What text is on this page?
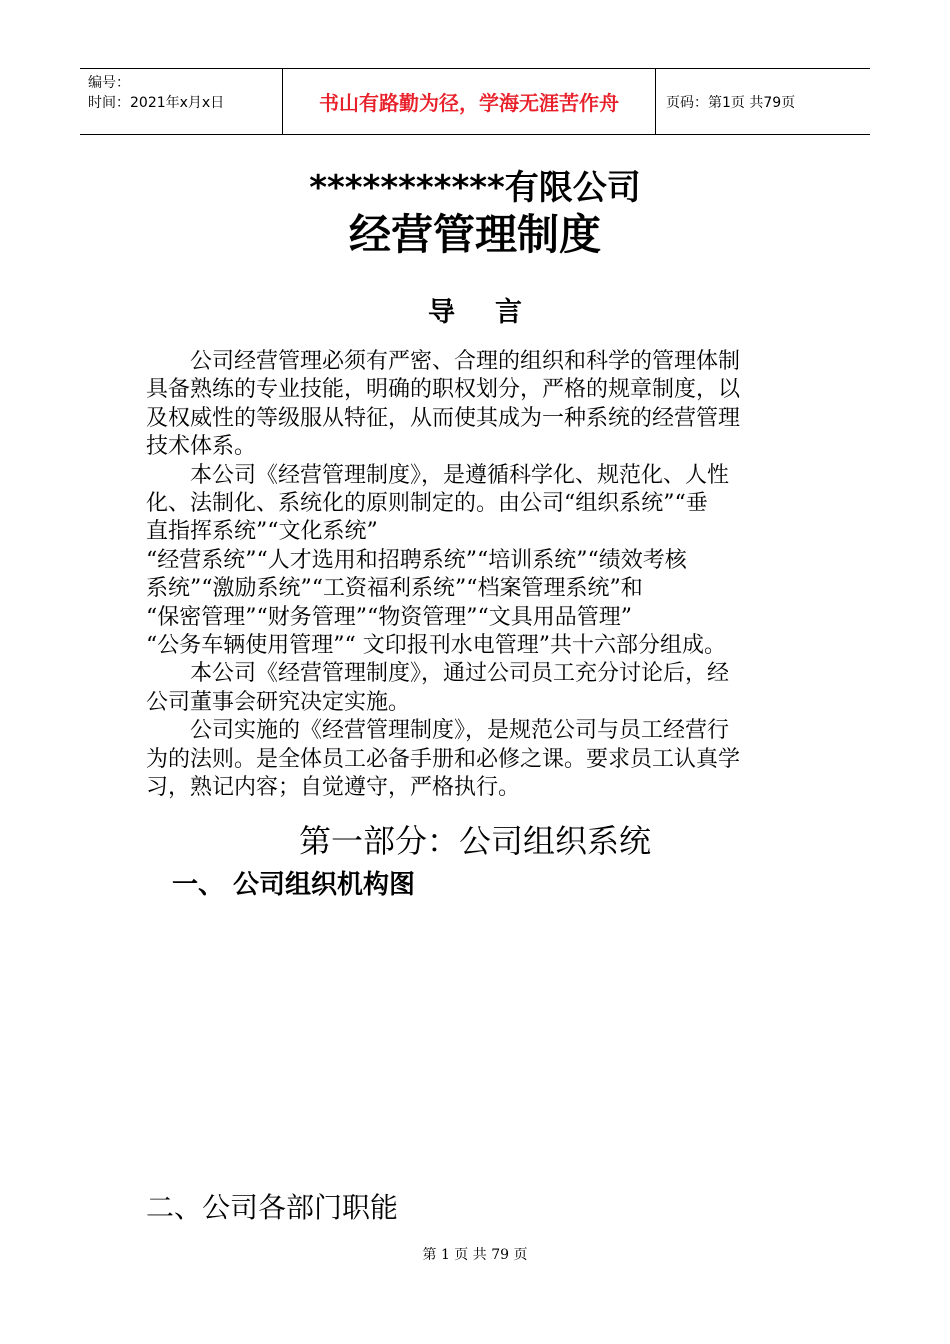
编号：
时间：2021年x月x日	书山有路勤为径，学海无涯苦作舟	页码：第1页 共79页
***********有限公司
经营管理制度
导言
公司经营管理必须有严密、合理的组织和科学的管理体制
具备熟练的专业技能，明确的职权划分，严格的规章制度，以
及权威性的等级服从特征，从而使其成为一种系统的经营管理
技术体系。
本公司《经营管理制度》，是遵循科学化、规范化、人性
化、法制化、系统化的原则制定的。由公司“组织系统”“垂
直指挥系统”“文化系统”
“经营系统”“人才选用和招聘系统”“培训系统”“绩效考核
系统”“激励系统”“工资福利系统”“档案管理系统”和
“保密管理”“财务管理”“物资管理”“文具用品管理”
“公务车辆使用管理”“ 文印报刊水电管理”共十六部分组成。
本公司《经营管理制度》，通过公司员工充分讨论后，经
公司董事会研究决定实施。
公司实施的《经营管理制度》，是规范公司与员工经营行
为的法则。是全体员工必备手册和必修之课。要求员工认真学
习，熟记内容；自觉遵守，严格执行。
第一部分：公司组织系统
一、 公司组织机构图
二、公司各部门职能
第 1 页 共 79 页
